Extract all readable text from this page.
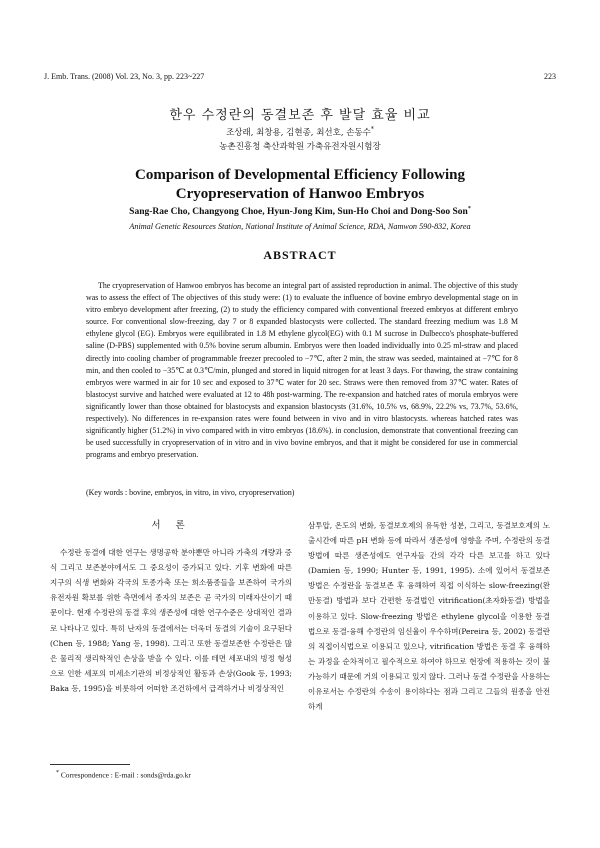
J. Emb. Trans. (2008) Vol. 23, No. 3, pp. 223~227	223
한우 수정란의 동결보존 후 발달 효율 비교
조상래, 최창용, 김현종, 최선호, 손동수*
농촌진흥청 축산과학원 가축유전자원시험장
Comparison of Developmental Efficiency Following
Cryopreservation of Hanwoo Embryos
Sang-Rae Cho, Changyong Choe, Hyun-Jong Kim, Sun-Ho Choi and Dong-Soo Son*
Animal Genetic Resources Station, National Institute of Animal Science, RDA, Namwon 590-832, Korea
ABSTRACT
The cryopreservation of Hanwoo embryos has become an integral part of assisted reproduction in animal. The objective of this study was to assess the effect of The objectives of this study were: (1) to evaluate the influence of bovine embryo developmental stage on in vitro embryo development after freezing, (2) to study the efficiency compared with conventional freezed embryos at different embryo source. For conventional slow-freezing, day 7 or 8 expanded blastocysts were collected. The standard freezing medium was 1.8 M ethylene glycol (EG). Embryos were equilibrated in 1.8 M ethylene glycol(EG) with 0.1 M sucrose in Dulbecco's phosphate-buffered saline (D-PBS) supplemented with 0.5% bovine serum albumin. Embryos were then loaded individually into 0.25 ml-straw and placed directly into cooling chamber of programmable freezer precooled to −7℃, after 2 min, the straw was seeded, maintained at −7℃ for 8 min, and then cooled to −35℃ at 0.3℃/min, plunged and stored in liquid nitrogen for at least 3 days. For thawing, the straw containing embryos were warmed in air for 10 sec and exposed to 37℃ water for 20 sec. Straws were then removed from 37℃ water. Rates of blastocyst survive and hatched were evaluated at 12 to 48h post-warming. The re-expansion and hatched rates of morula embryos were significantly lower than those obtained for blastocysts and expansion blastocysts (31.6%, 10.5% vs, 68.9%, 22.2% vs, 73.7%, 53.6%, respectively). No differences in re-expansion rates were found between in vivo and in vitro blastocysts. whereas hatched rates was significantly higher (51.2%) in vivo compared with in vitro embryos (18.6%). in conclusion, demonstrate that conventional freezing can be used successfully in cryopreservation of in vitro and in vivo bovine embryos, and that it might be considered for use in commercial programs and embryo preservation.
(Key words : bovine, embryos, in vitro, in vivo, cryopreservation)
서 론
수정란 동결에 대한 연구는 생명공학 분야뿐만 아니라 가축의 개량과 증식 그리고 보존분야에서도 그 중요성이 증가되고 있다. 기후 변화에 따른 지구의 식생 변화와 각국의 토종가축 또는 희소품종들을 보존하여 국가의 유전자원 확보를 위한 측면에서 종자의 보존은 곧 국가의 미래자산이기 때문이다. 현재 수정란의 동결 후의 생존성에 대한 연구수준은 상대적인 결과로 나타나고 있다. 특히 난자의 동결에서는 더욱더 동결의 기술이 요구된다(Chen 등, 1988; Yang 등, 1998). 그리고 또한 동결보존한 수정란은 많은 물리적 생리학적인 손상을 받을 수 있다. 이를 테면 세포내의 빙정 형성으로 인한 세포의 미세소기관의 비정상적인 활동과 손상(Gook 등, 1993; Baka 등, 1995)을 비롯하여 어떠한 조건하에서 급격하거나 비정상적인
삼투압, 온도의 변화, 동결보호제의 유독한 성분, 그리고, 동결보호제의 노출시간에 따른 pH 변화 등에 따라서 생존성에 영향을 주며, 수정란의 동결 방법에 따른 생존성에도 연구자들 간의 각각 다른 보고를 하고 있다(Damien 등, 1990; Hunter 등, 1991, 1995). 소에 있어서 동결보존 방법은 수정란을 동결보존 후 융해하여 직접 이식하는 slow-freezing(완만동결) 방법과 보다 간편한 동결법인 vitrification(초자화동결) 방법을 이용하고 있다. Slow-freezing 방법은 ethylene glycol을 이용한 동결법으로 동결-융해 수정란의 임신율이 우수하며(Pereira 등, 2002) 동결란의 직접이식법으로 이용되고 있으나, vitrification 방법은 동결 후 융해하는 과정을 순차적이고 필수적으로 하여야 하므로 현장에 적용하는 것이 불가능하기 때문에 거의 이용되고 있지 않다. 그러나 동결 수정란을 사용하는 이유로서는 수정란의 수송이 용이하다는 점과 그리고 그들의 원종을 안전하게
* Correspondence : E-mail : sonds@rda.go.kr
